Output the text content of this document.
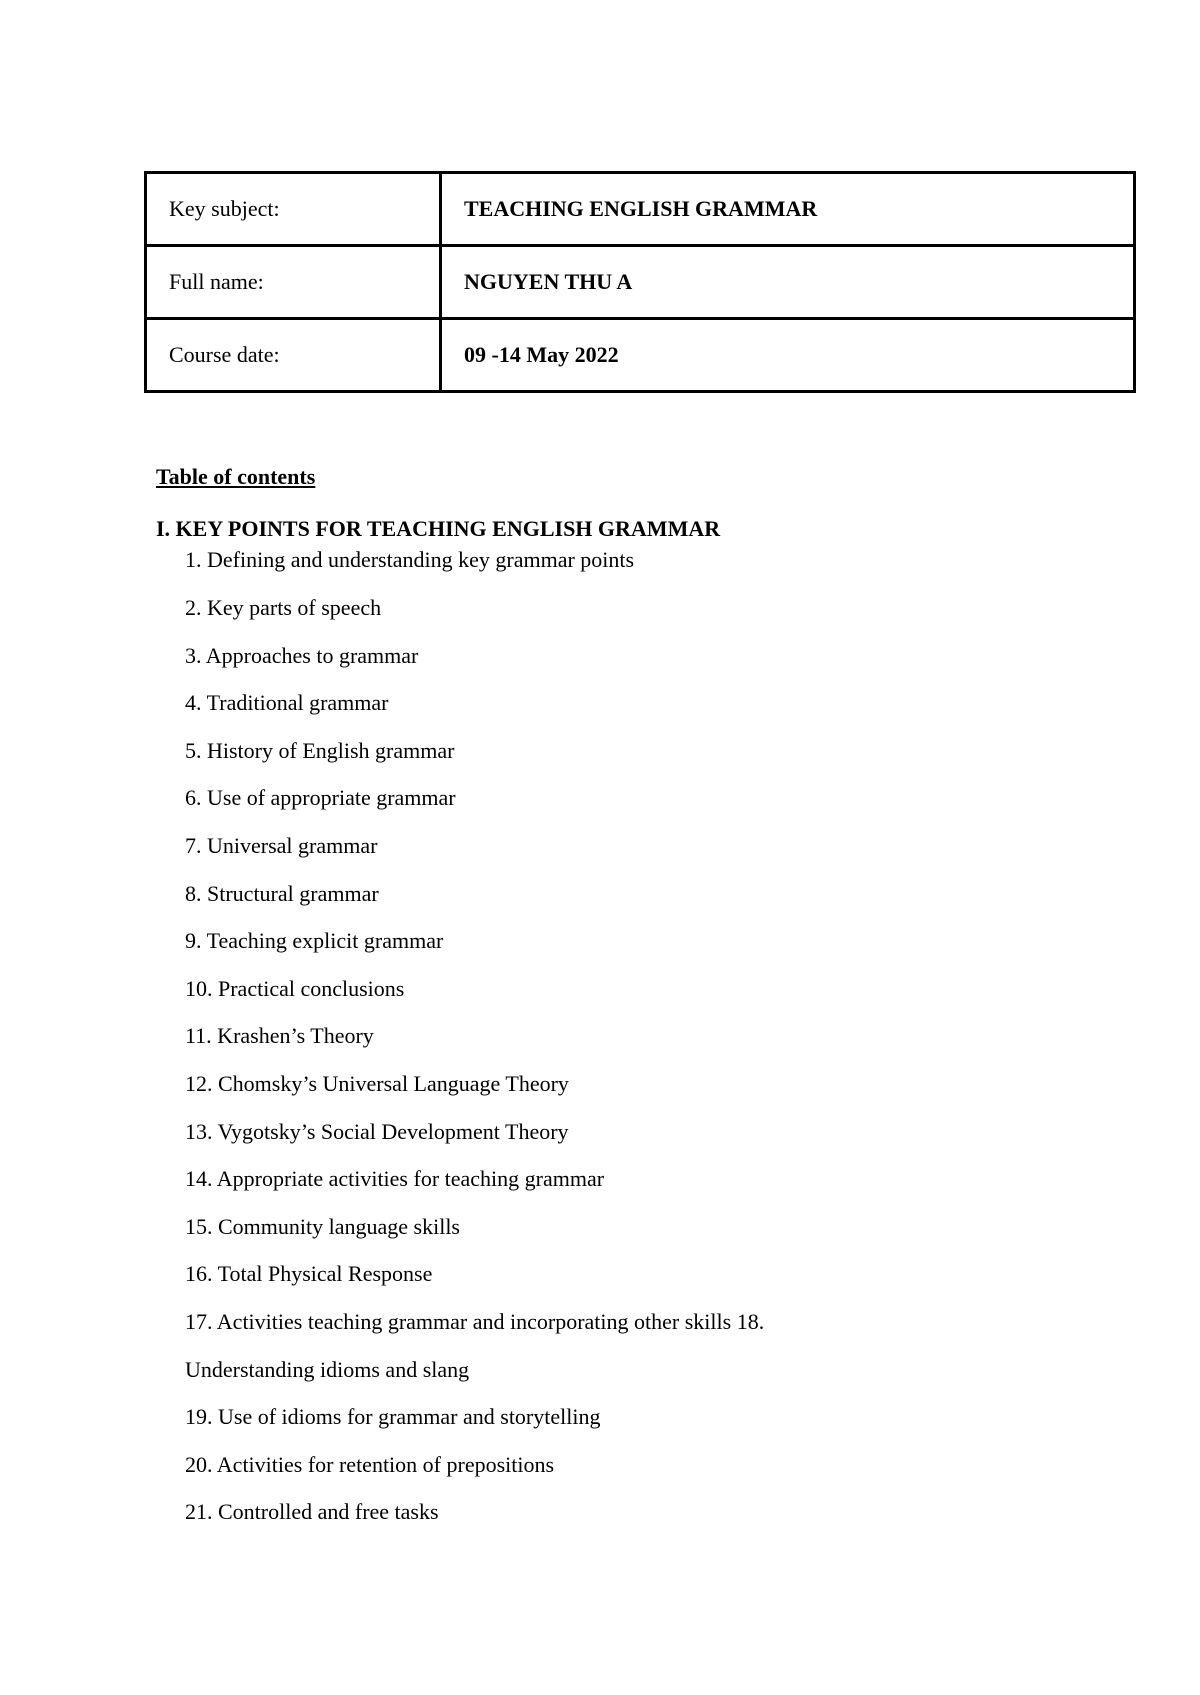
Key subject:	TEACHING ENGLISH GRAMMAR
Full name:	NGUYEN THU A
Course date:	09 -14 May 2022

Table of contents

I. KEY POINTS FOR TEACHING ENGLISH GRAMMAR

1. Defining and understanding key grammar points
2. Key parts of speech
3. Approaches to grammar
4. Traditional grammar
5. History of English grammar
6. Use of appropriate grammar
7. Universal grammar
8. Structural grammar
9. Teaching explicit grammar
10. Practical conclusions
11. Krashen’s Theory
12. Chomsky’s Universal Language Theory
13. Vygotsky’s Social Development Theory
14. Appropriate activities for teaching grammar
15. Community language skills
16. Total Physical Response
17. Activities teaching grammar and incorporating other skills 18.
Understanding idioms and slang
19. Use of idioms for grammar and storytelling
20. Activities for retention of prepositions
21. Controlled and free tasks
